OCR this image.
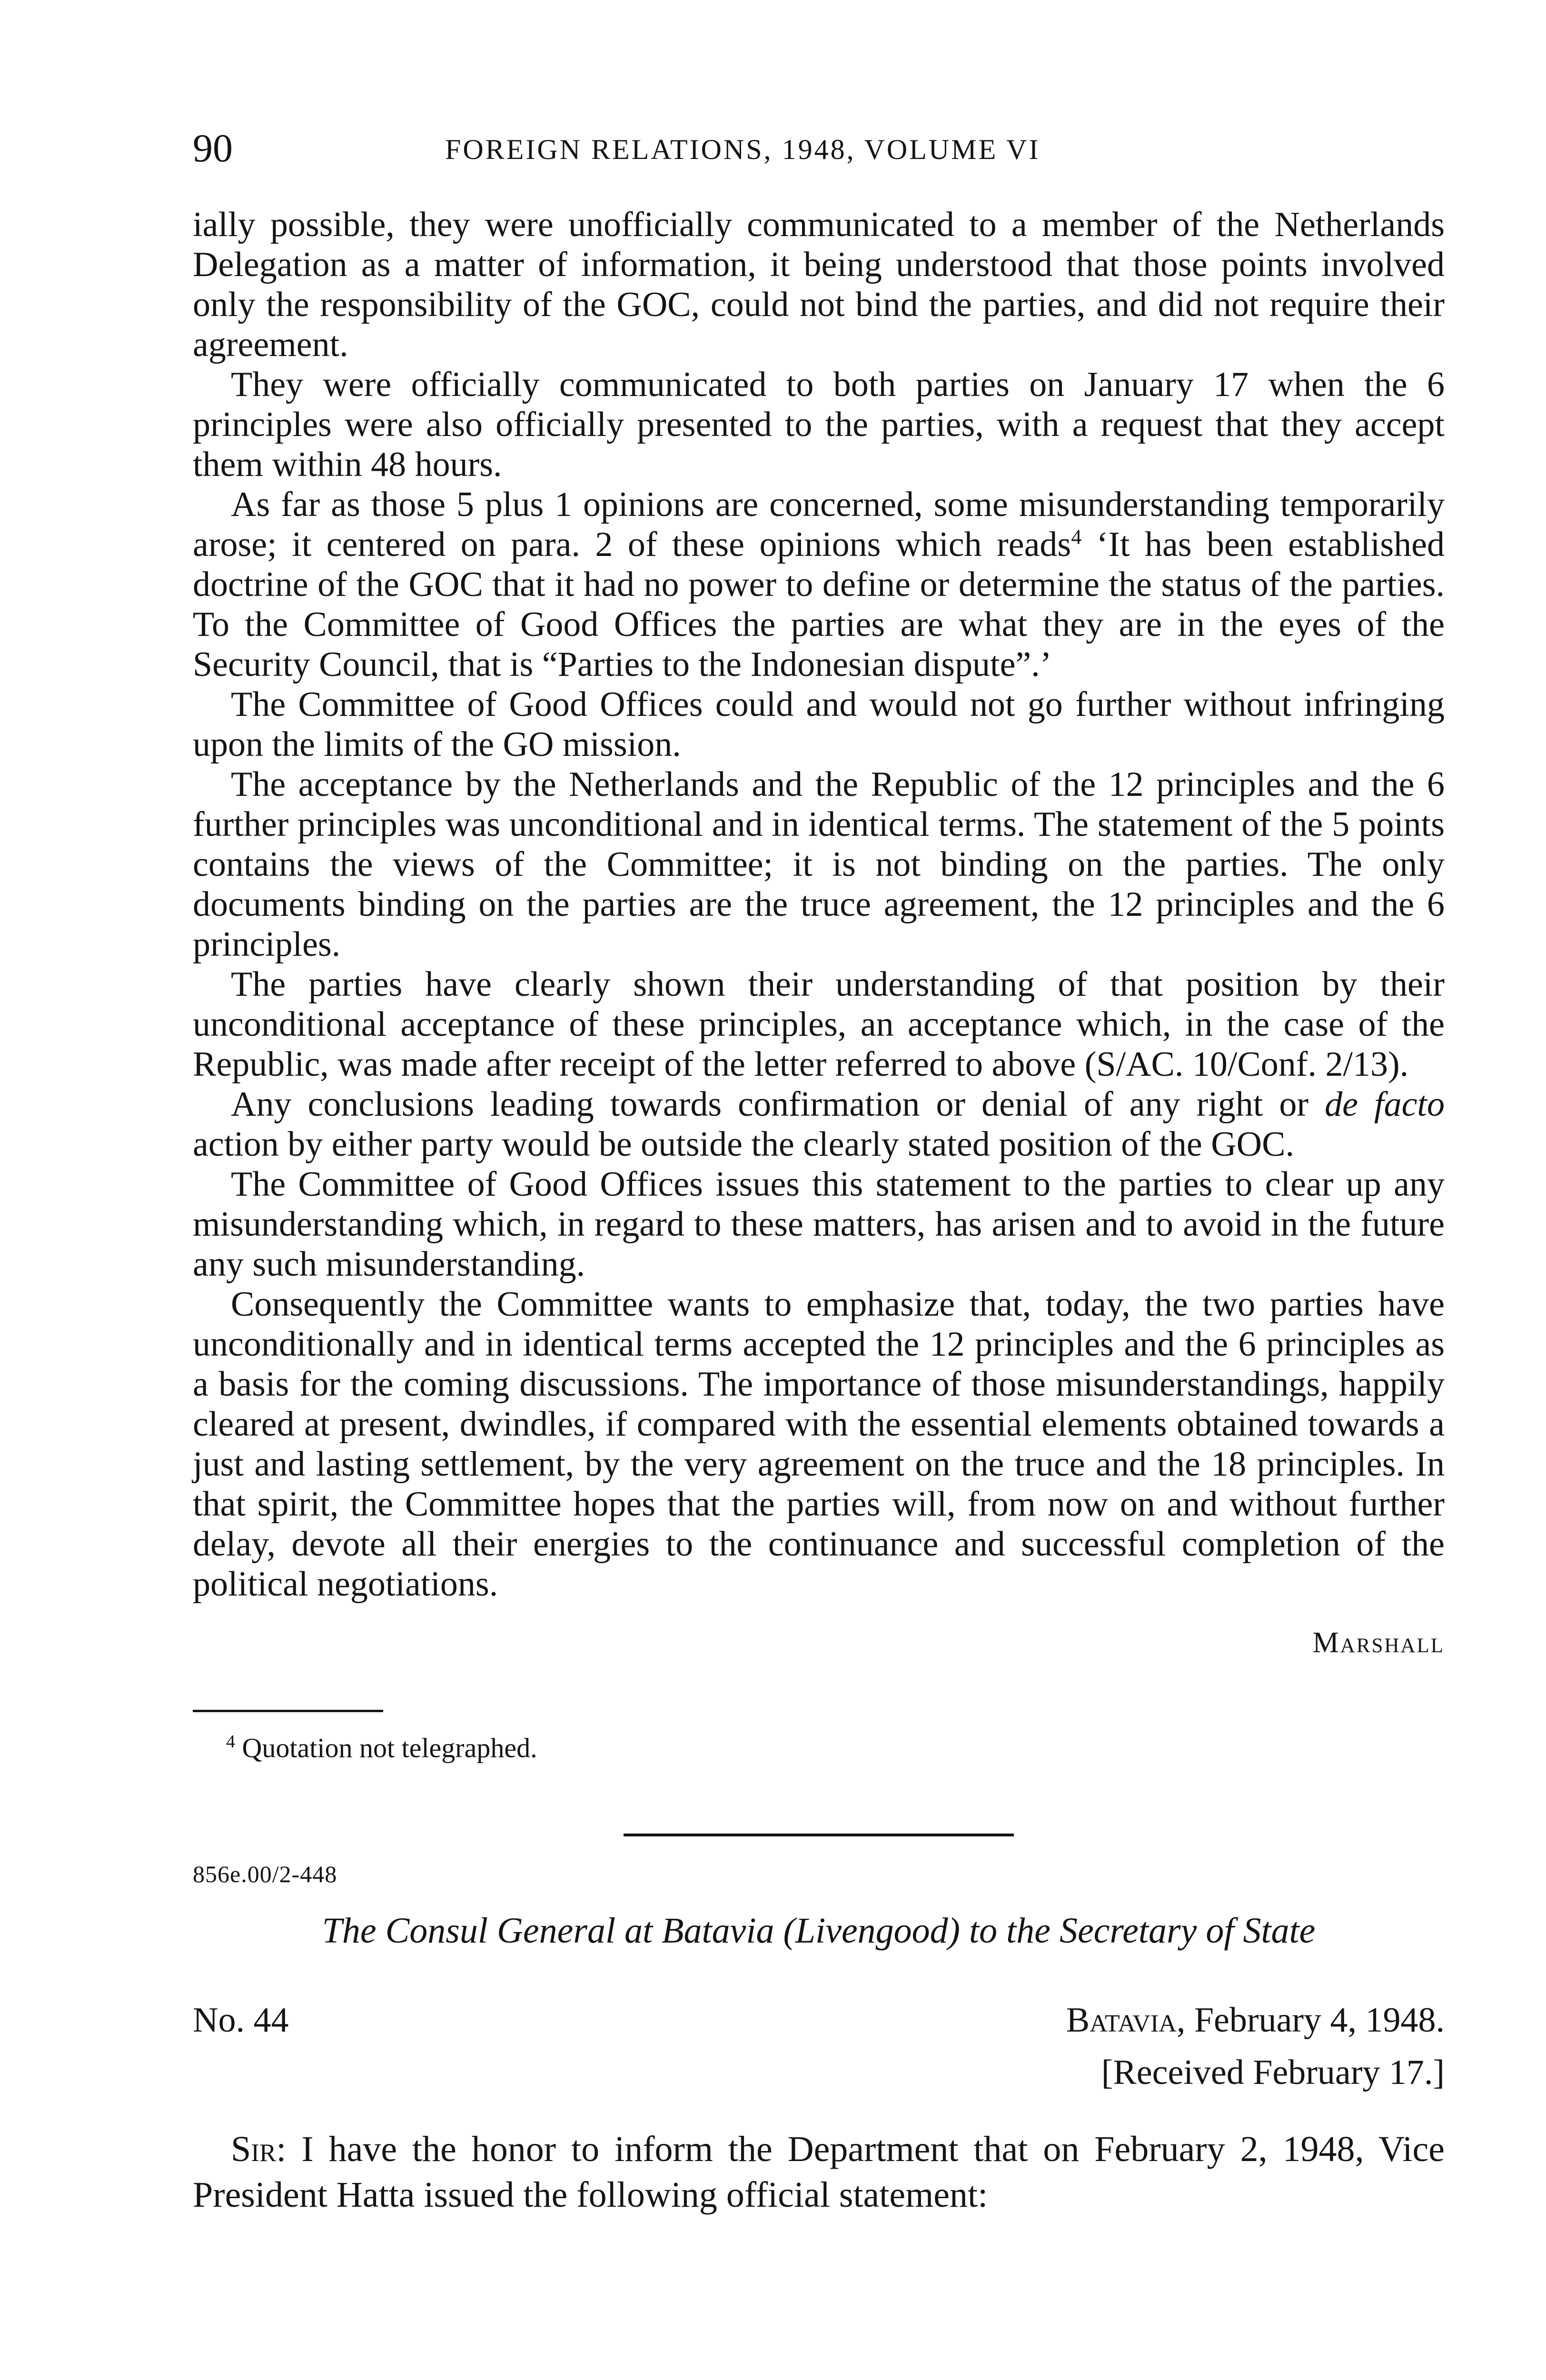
90	FOREIGN RELATIONS, 1948, VOLUME VI

ially possible, they were unofficially communicated to a member of the Netherlands Delegation as a matter of information, it being understood that those points involved only the responsibility of the GOC, could not bind the parties, and did not require their agreement.

They were officially communicated to both parties on January 17 when the 6 principles were also officially presented to the parties, with a request that they accept them within 48 hours.

As far as those 5 plus 1 opinions are concerned, some misunderstanding temporarily arose; it centered on para. 2 of these opinions which reads$^4$ ‘It has been established doctrine of the GOC that it had no power to define or determine the status of the parties. To the Committee of Good Offices the parties are what they are in the eyes of the Security Council, that is “Parties to the Indonesian dispute”.’

The Committee of Good Offices could and would not go further without infringing upon the limits of the GO mission.

The acceptance by the Netherlands and the Republic of the 12 principles and the 6 further principles was unconditional and in identical terms. The statement of the 5 points contains the views of the Committee; it is not binding on the parties. The only documents binding on the parties are the truce agreement, the 12 principles and the 6 principles.

The parties have clearly shown their understanding of that position by their unconditional acceptance of these principles, an acceptance which, in the case of the Republic, was made after receipt of the letter referred to above (S/AC. 10/Conf. 2/13).

Any conclusions leading towards confirmation or denial of any right or de facto action by either party would be outside the clearly stated position of the GOC.

The Committee of Good Offices issues this statement to the parties to clear up any misunderstanding which, in regard to these matters, has arisen and to avoid in the future any such misunderstanding.

Consequently the Committee wants to emphasize that, today, the two parties have unconditionally and in identical terms accepted the 12 principles and the 6 principles as a basis for the coming discussions. The importance of those misunderstandings, happily cleared at present, dwindles, if compared with the essential elements obtained towards a just and lasting settlement, by the very agreement on the truce and the 18 principles. In that spirit, the Committee hopes that the parties will, from now on and without further delay, devote all their energies to the continuance and successful completion of the political negotiations.

Marshall
$^4$ Quotation not telegraphed.
856e.00/2-448
The Consul General at Batavia (Livengood) to the Secretary of State
No. 44	Batavia, February 4, 1948.
[Received February 17.]

Sir: I have the honor to inform the Department that on February 2, 1948, Vice President Hatta issued the following official statement:
